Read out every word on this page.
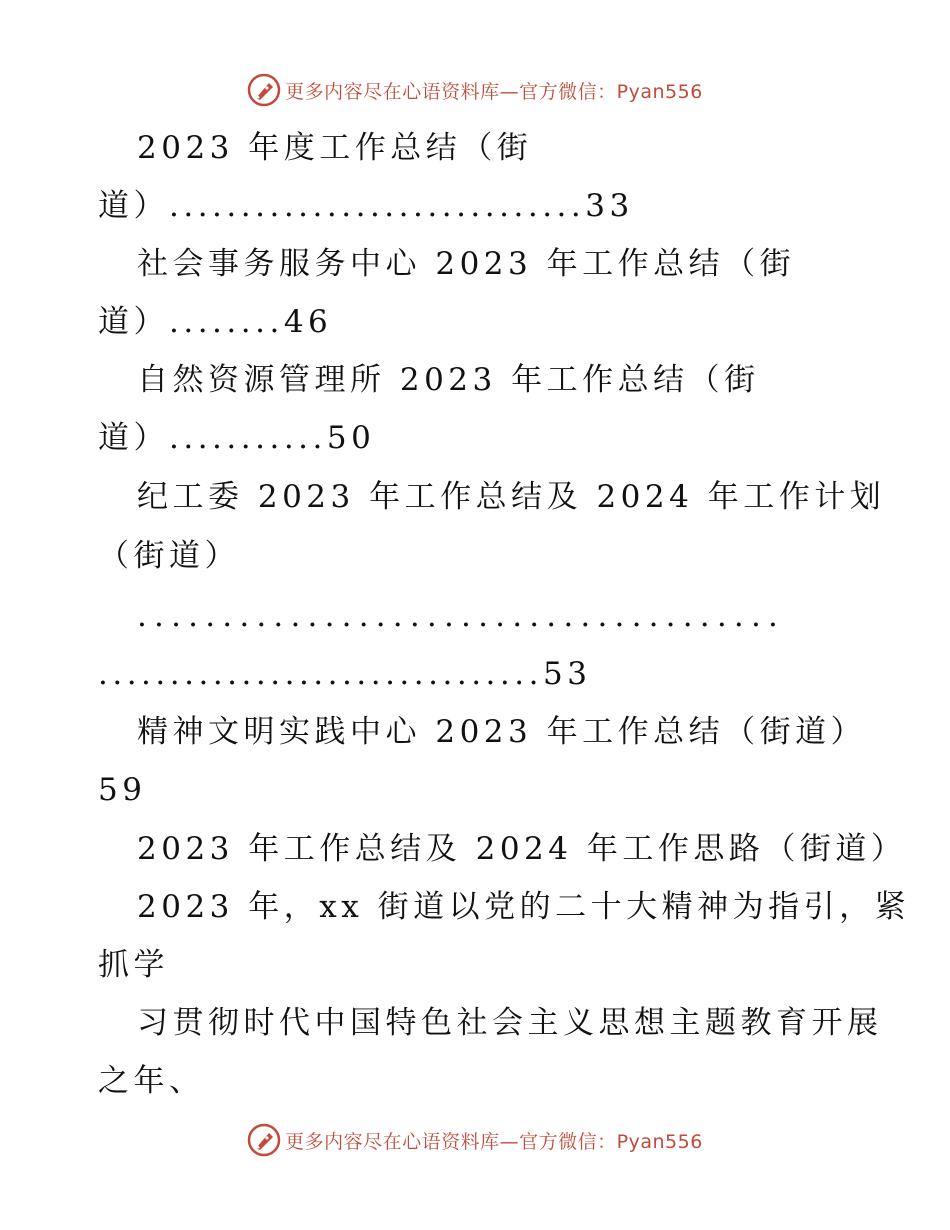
更多内容尽在心语资料库—官方微信：Pyan556
2023 年度工作总结（街
道）.............................33
社会事务服务中心 2023 年工作总结（街
道）........46
自然资源管理所 2023 年工作总结（街
道）...........50
纪工委 2023 年工作总结及 2024 年工作计划
（街道）
......................................
...............................53
精神文明实践中心 2023 年工作总结（街道）
59
2023 年工作总结及 2024 年工作思路（街道）
2023 年，xx 街道以党的二十大精神为指引，紧
抓学
习贯彻时代中国特色社会主义思想主题教育开展
之年、
更多内容尽在心语资料库—官方微信：Pyan556
